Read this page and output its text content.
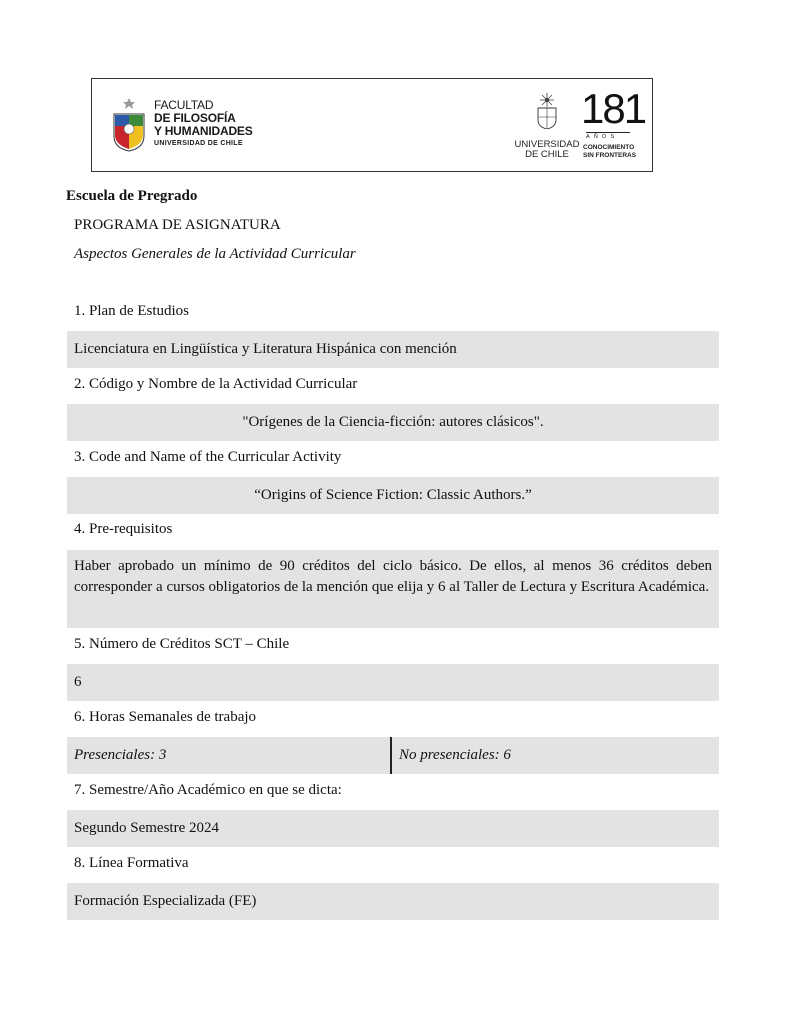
FACULTAD
DE FILOSOFÍA
Y HUMANIDADES
UNIVERSIDAD DE CHILE	UNIVERSIDAD
DE CHILE
181
AÑOS
CONOCIMIENTO
SIN FRONTERAS
Escuela de Pregrado
PROGRAMA DE ASIGNATURA
Aspectos Generales de la Actividad Curricular
1. Plan de Estudios
Licenciatura en Lingüística y Literatura Hispánica con mención
2. Código y Nombre de la Actividad Curricular
"Orígenes de la Ciencia-ficción: autores clásicos".
3. Code and Name of the Curricular Activity
“Origins of Science Fiction: Classic Authors.”
4. Pre-requisitos
Haber aprobado un mínimo de 90 créditos del ciclo básico. De ellos, al menos 36 créditos deben corresponder a cursos obligatorios de la mención que elija y 6 al Taller de Lectura y Escritura Académica.
5. Número de Créditos SCT – Chile
6
6. Horas Semanales de trabajo
Presenciales: 3	No presenciales: 6
7. Semestre/Año Académico en que se dicta:
Segundo Semestre 2024
8. Línea Formativa
Formación Especializada (FE)
